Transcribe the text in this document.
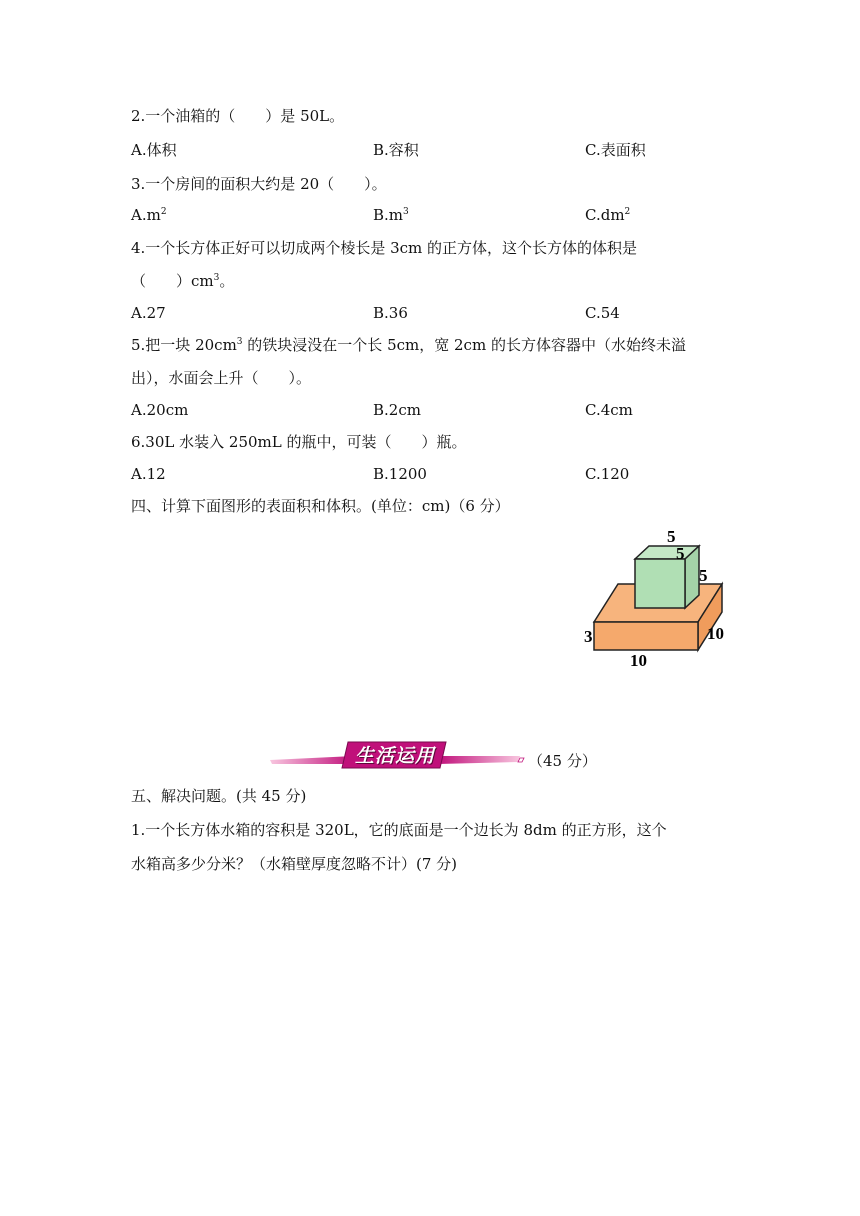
2.一个油箱的（　　）是 50L。
A.体积	B.容积	C.表面积
3.一个房间的面积大约是 20（　　）。
$A.m^2$	$B.m^3$	$C.dm^2$
4.一个长方体正好可以切成两个棱长是 3cm 的正方体，这个长方体的体积是
（　　）$cm^3$。
A.27	B.36	C.54
5.把一块 $20cm^3$ 的铁块浸没在一个长 5cm，宽 2cm 的长方体容器中（水始终未溢
出），水面会上升（　　）。
A.20cm	B.2cm	C.4cm
6.30L 水装入 250mL 的瓶中，可装（　　）瓶。
A.12	B.1200	C.120
四、计算下面图形的表面积和体积。(单位：cm)（6 分）
5
5
5
3	10
10
生活运用	（45 分）
五、解决问题。(共 45 分)
1.一个长方体水箱的容积是 320L，它的底面是一个边长为 8dm 的正方形，这个
水箱高多少分米？（水箱壁厚度忽略不计）(7 分)
